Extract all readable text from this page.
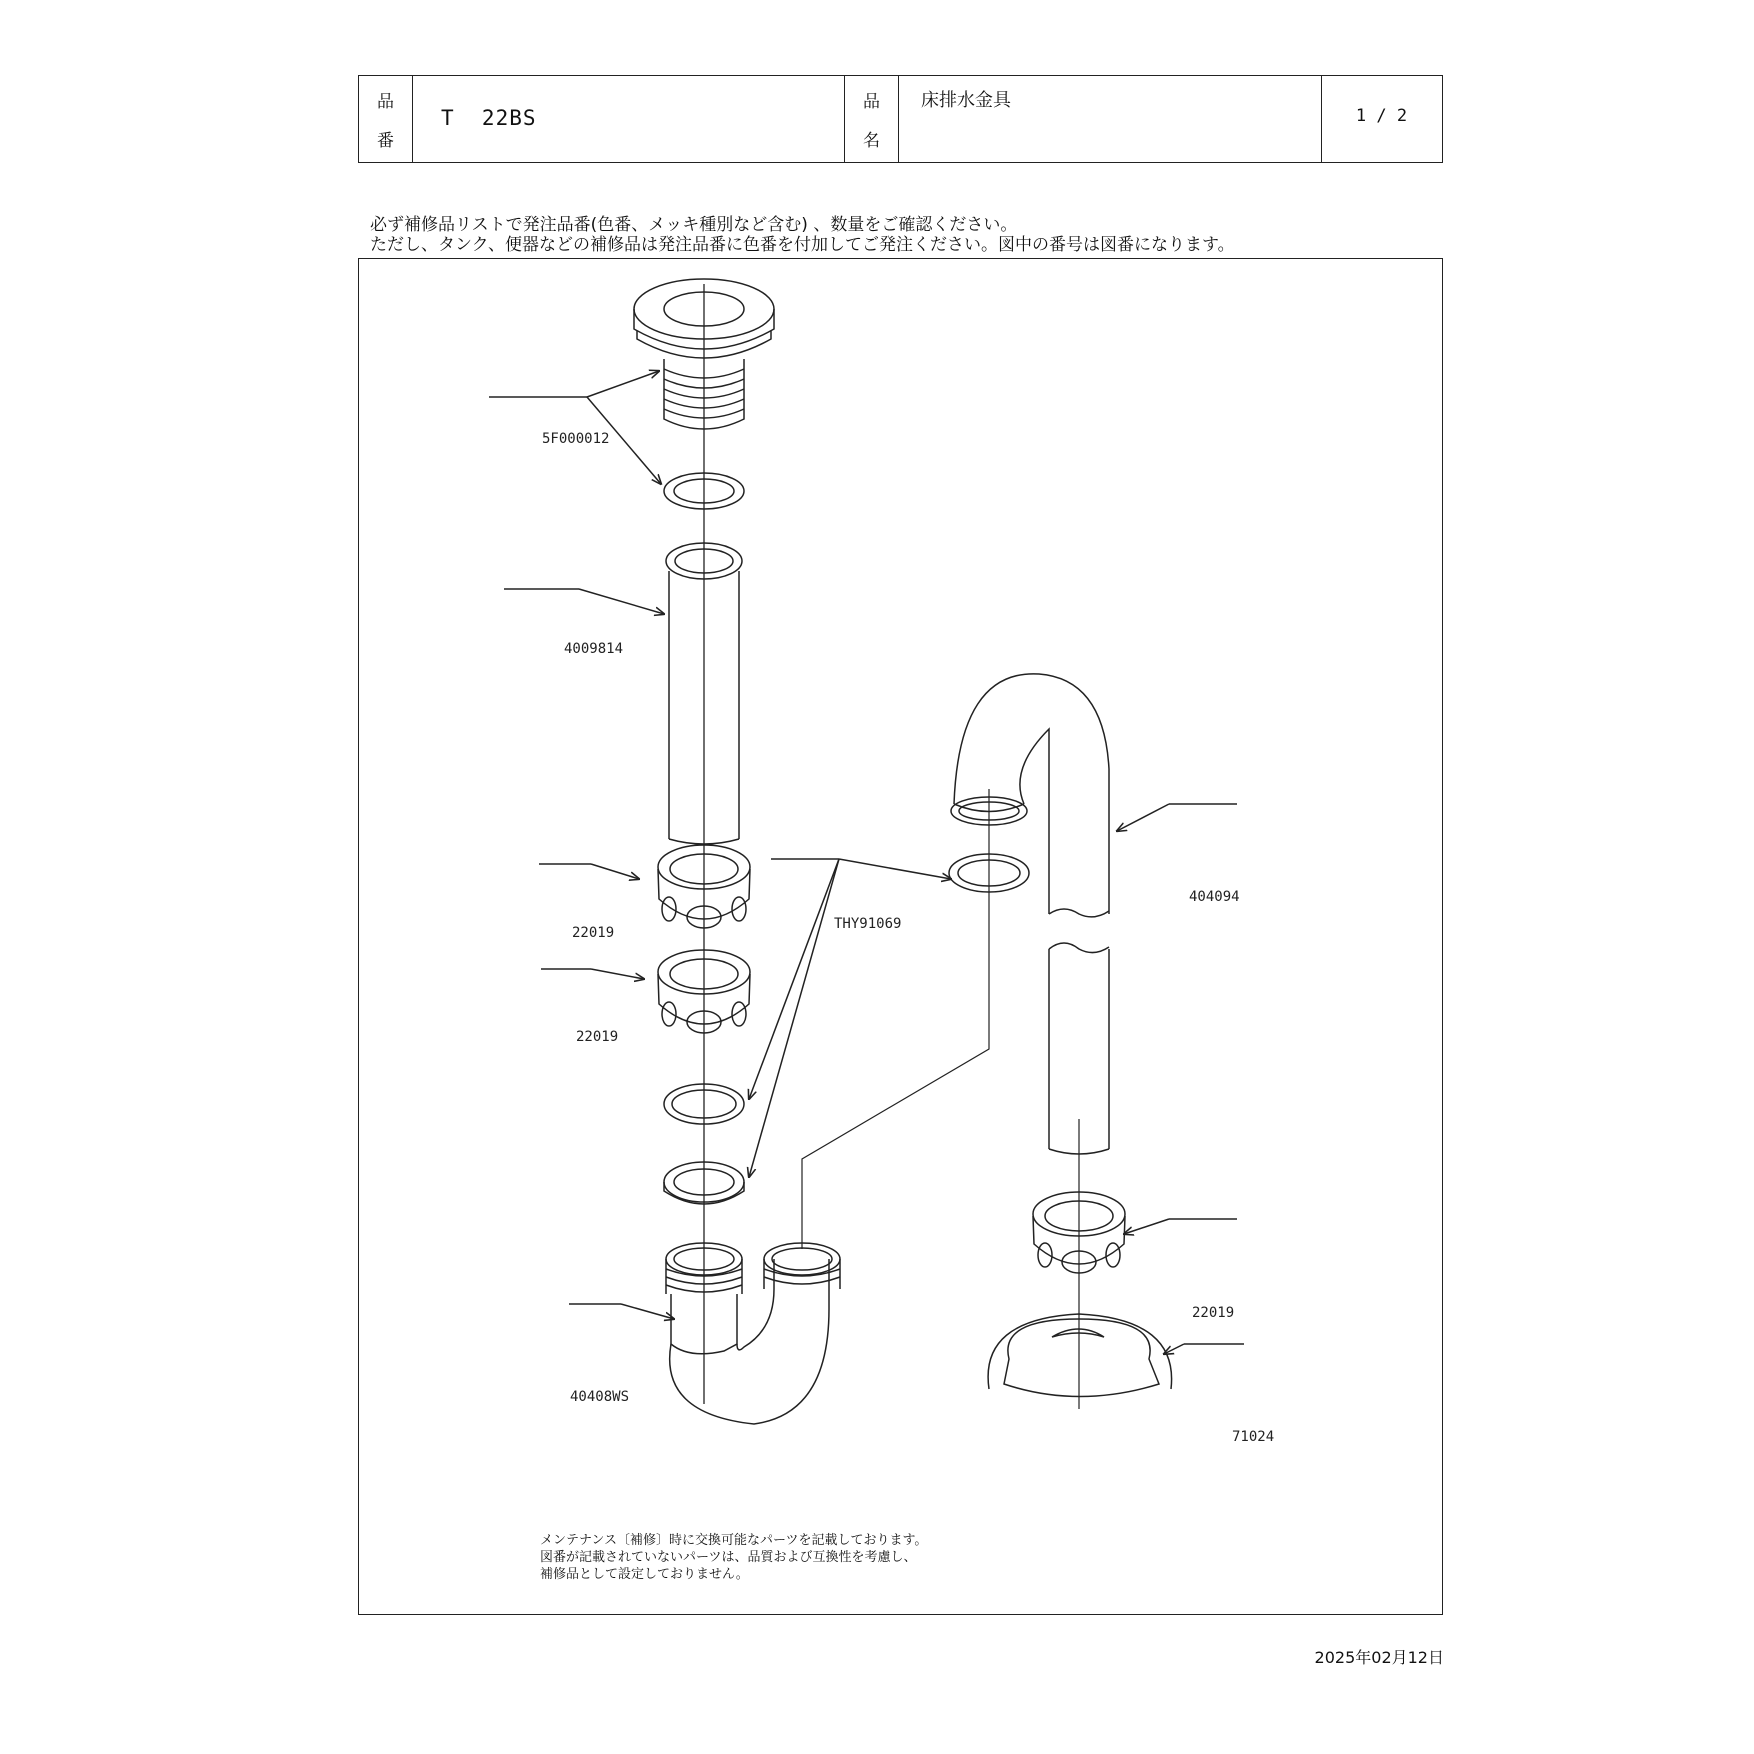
品
番
T  22BS
品
名
床排水金具
1 / 2
必ず補修品リストで発注品番(色番、メッキ種別など含む) 、数量をご確認ください。
ただし、タンク、便器などの補修品は発注品番に色番を付加してご発注ください。図中の番号は図番になります。
5F000012
4009814
22019
22019
THY91069
404094
22019
40408WS
71024
メンテナンス〔補修〕時に交換可能なパーツを記載しております。
図番が記載されていないパーツは、品質および互換性を考慮し、
補修品として設定しておりません。
2025年02月12日
